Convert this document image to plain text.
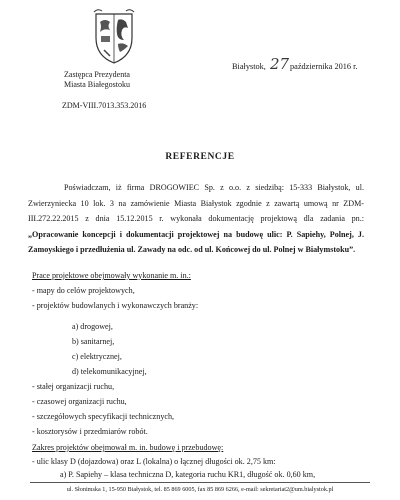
Zastępca Prezydenta
Miasta Białegostoku
ZDM-VIII.7013.353.2016
Białystok, 27 października 2016 r.
REFERENCJE
Poświadczam, iż firma DROGOWIEC Sp. z o.o. z siedzibą: 15-333 Białystok, ul. Zwierzyniecka 10 lok. 3 na zamówienie Miasta Białystok zgodnie z zawartą umową nr ZDM-III.272.22.2015 z dnia 15.12.2015 r. wykonała dokumentację projektową dla zadania pn.: „Opracowanie koncepcji i dokumentacji projektowej na budowę ulic: P. Sapiehy, Polnej, J. Zamoyskiego i przedłużenia ul. Zawady na odc. od ul. Końcowej do ul. Polnej w Białymstoku”.
Prace projektowe obejmowały wykonanie m. in.:
- mapy do celów projektowych,
- projektów budowlanych i wykonawczych branży:
a) drogowej,
b) sanitarnej,
c) elektrycznej,
d) telekomunikacyjnej,
- stałej organizacji ruchu,
- czasowej organizacji ruchu,
- szczegółowych specyfikacji technicznych,
- kosztorysów i przedmiarów robót.
Zakres projektów obejmował m. in. budowę i przebudowę:
- ulic klasy D (dojazdowa) oraz L (lokalna) o łącznej długości ok. 2,75 km:
a) P. Sapiehy – klasa techniczna D, kategoria ruchu KR1, długość ok. 0,60 km,
ul. Słonimska 1, 15-950 Białystok, tel. 85 869 6005, fax 85 869 6266, e-mail: sekretariat2@um.bialystok.pl
